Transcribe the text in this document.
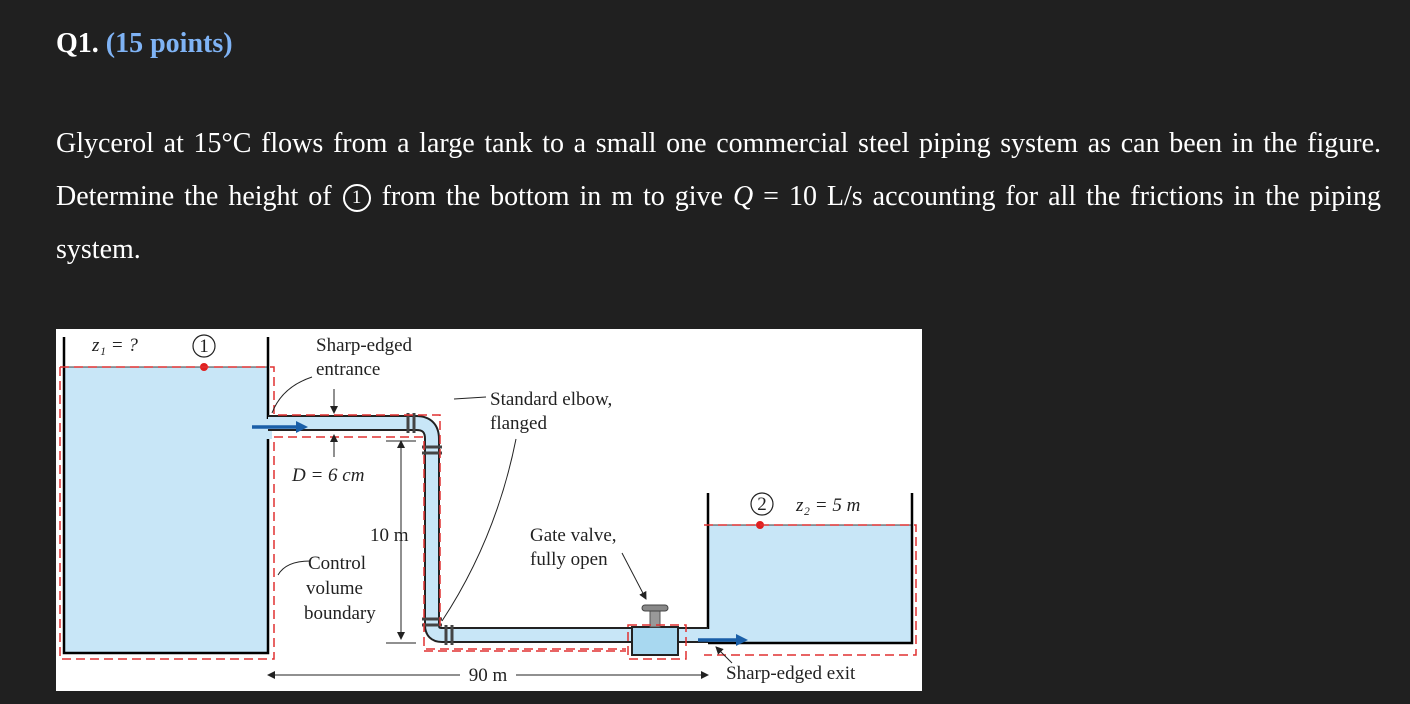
Q1. (15 points)

Glycerol at 15°C flows from a large tank to a small one commercial steel piping system as can been in the figure. Determine the height of 1 from the bottom in m to give Q = 10 L/s accounting for all the frictions in the piping system.

z₁ = ?	1	Sharp-edged
entrance
Standard elbow,
flanged
D = 6 cm
10 m
Control
volume
boundary
Gate valve,
fully open
2 z₂ = 5 m
90 m	Sharp-edged exit
